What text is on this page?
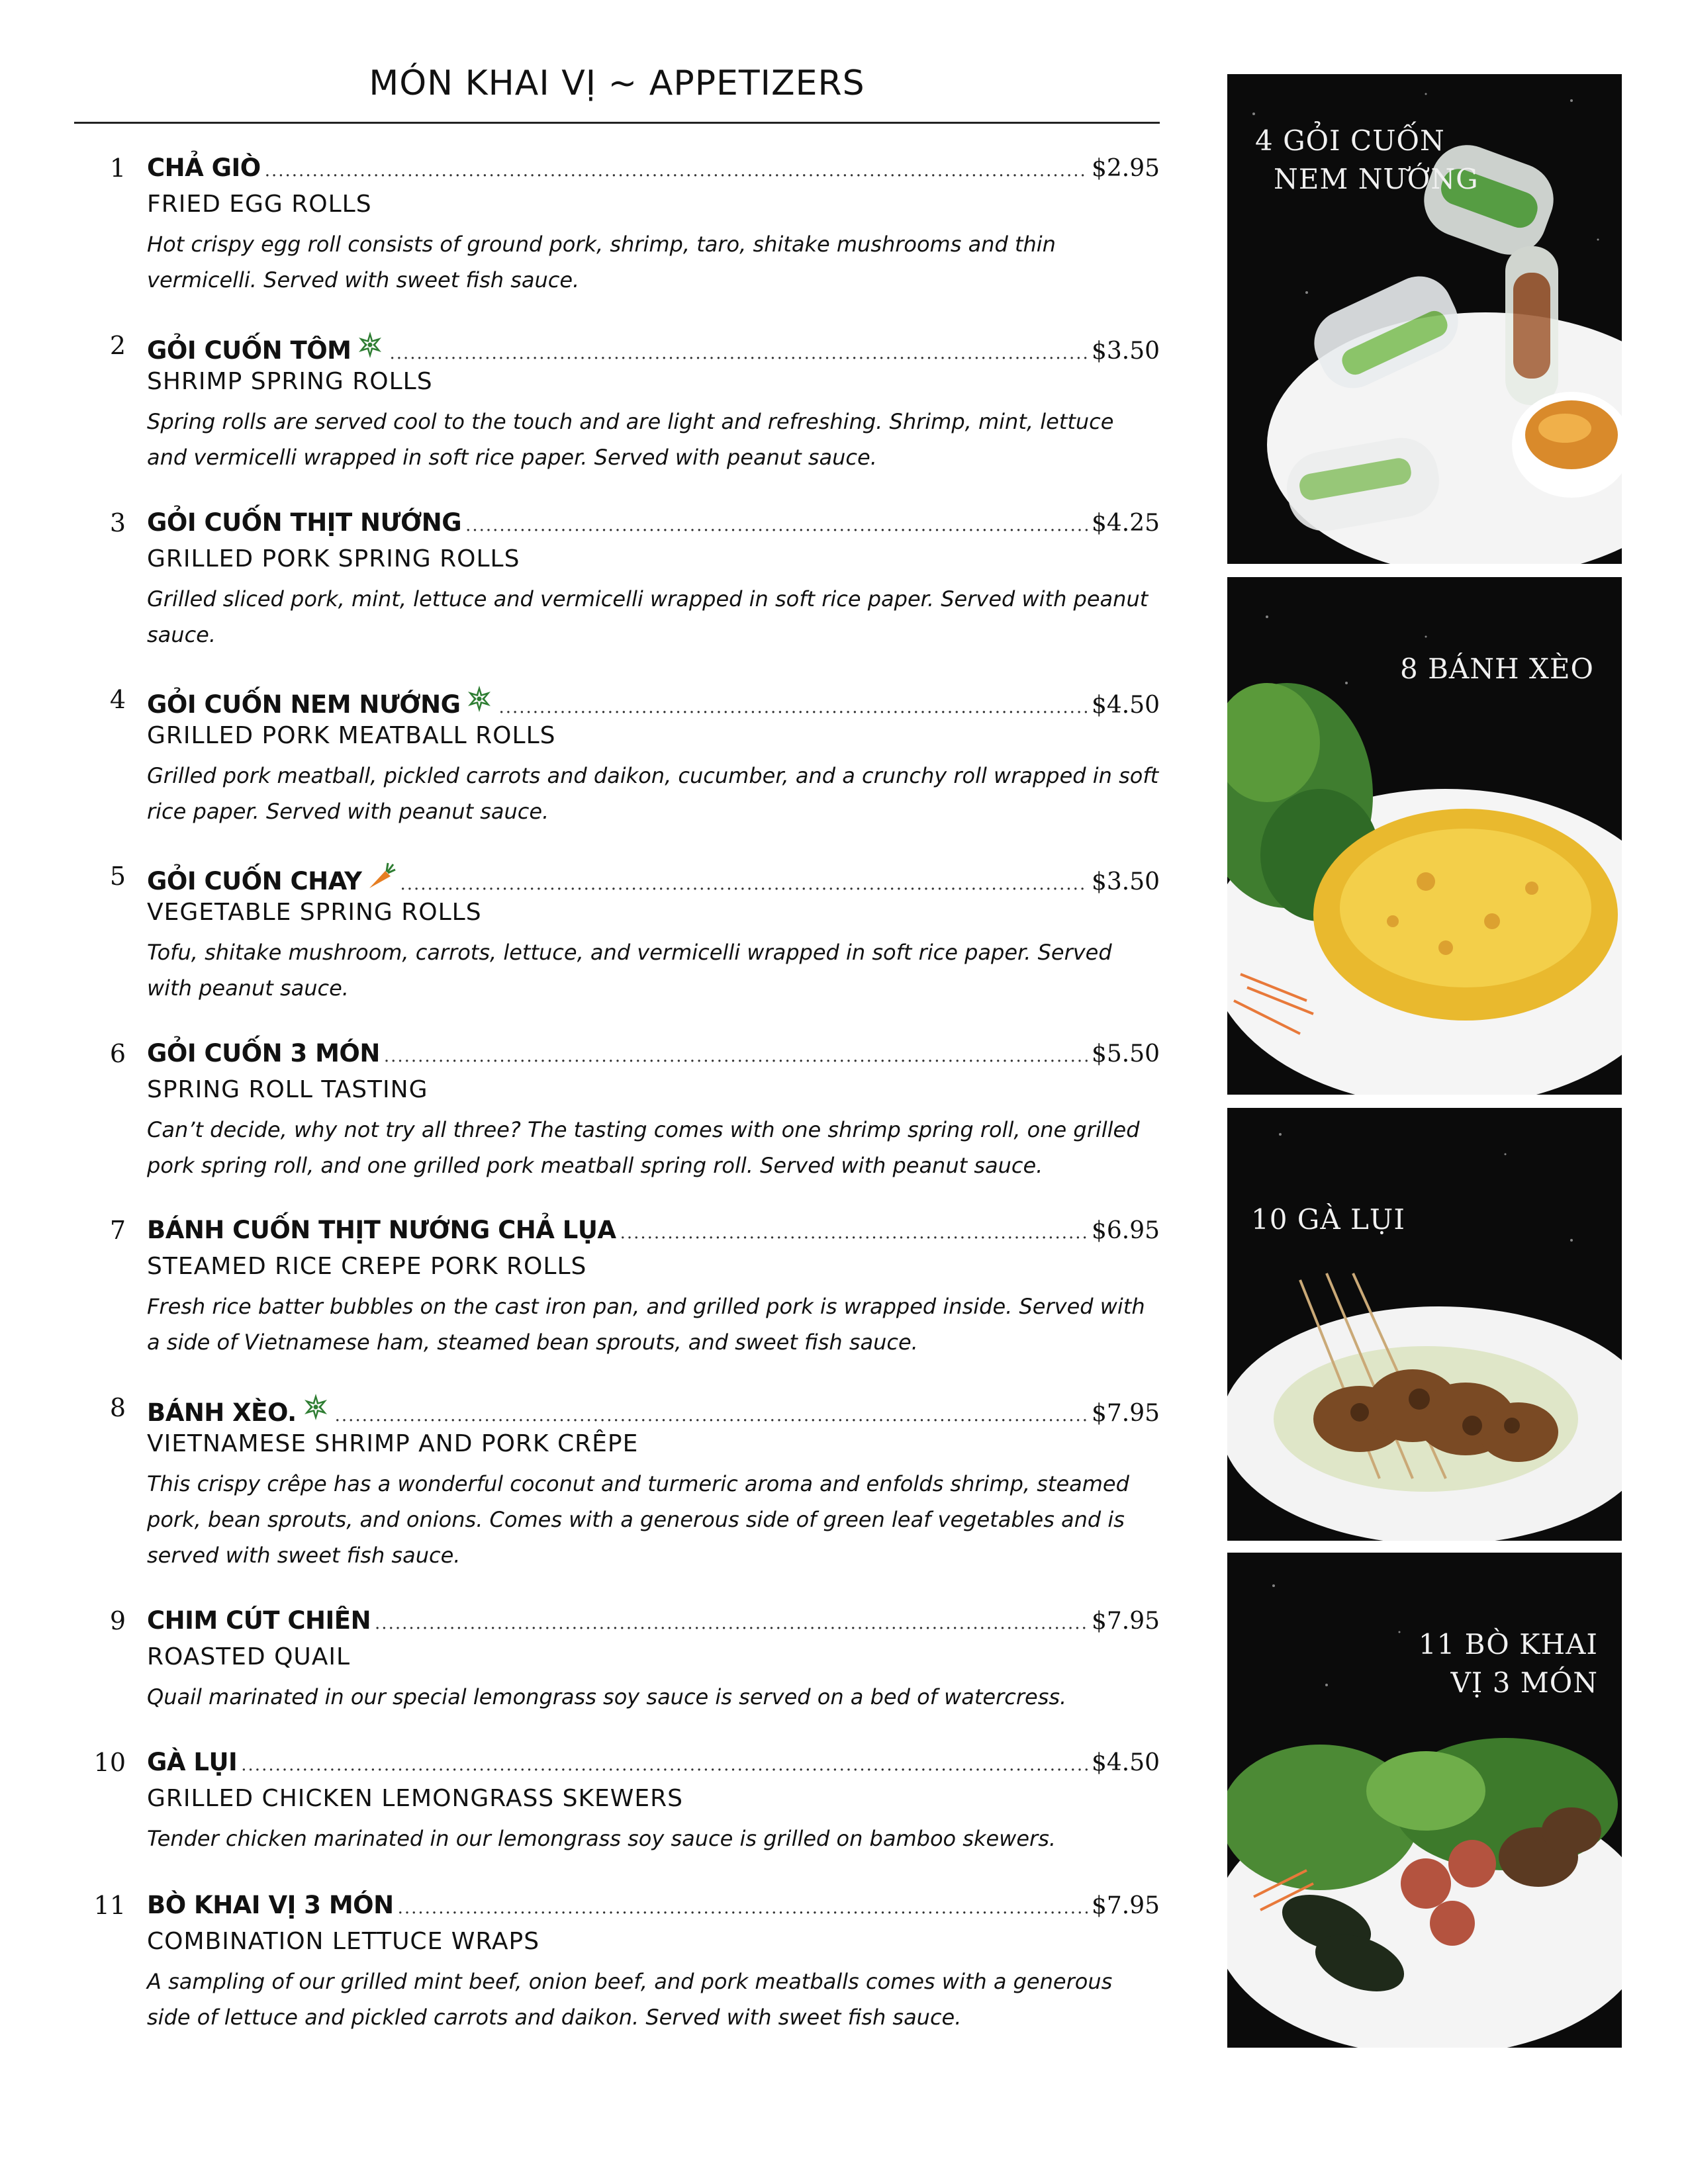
MÓN KHAI VỊ ~ APPETIZERS
1 CHẢ GIÒ .....	$2.95
FRIED EGG ROLLS
Hot crispy egg roll consists of ground pork, shrimp, taro, shitake mushrooms and thin vermicelli. Served with sweet fish sauce.
2 GỎI CUỐN TÔM .....	$3.50
SHRIMP SPRING ROLLS
Spring rolls are served cool to the touch and are light and refreshing. Shrimp, mint, lettuce and vermicelli wrapped in soft rice paper. Served with peanut sauce.
3 GỎI CUỐN THỊT NƯỚNG .....	$4.25
GRILLED PORK SPRING ROLLS
Grilled sliced pork, mint, lettuce and vermicelli wrapped in soft rice paper. Served with peanut sauce.
4 GỎI CUỐN NEM NƯỚNG .....	$4.50
GRILLED PORK MEATBALL ROLLS
Grilled pork meatball, pickled carrots and daikon, cucumber, and a crunchy roll wrapped in soft rice paper. Served with peanut sauce.
5 GỎI CUỐN CHAY .....	$3.50
VEGETABLE SPRING ROLLS
Tofu, shitake mushroom, carrots, lettuce, and vermicelli wrapped in soft rice paper. Served with peanut sauce.
6 GỎI CUỐN 3 MÓN .....	$5.50
SPRING ROLL TASTING
Can’t decide, why not try all three? The tasting comes with one shrimp spring roll, one grilled pork spring roll, and one grilled pork meatball spring roll. Served with peanut sauce.
7 BÁNH CUỐN THỊT NƯỚNG CHẢ LỤA .....	$6.95
STEAMED RICE CREPE PORK ROLLS
Fresh rice batter bubbles on the cast iron pan, and grilled pork is wrapped inside. Served with a side of Vietnamese ham, steamed bean sprouts, and sweet fish sauce.
8 BÁNH XÈO. .....	$7.95
VIETNAMESE SHRIMP AND PORK CRÊPE
This crispy crêpe has a wonderful coconut and turmeric aroma and enfolds shrimp, steamed pork, bean sprouts, and onions. Comes with a generous side of green leaf vegetables and is served with sweet fish sauce.
9 CHIM CÚT CHIÊN .....	$7.95
ROASTED QUAIL
Quail marinated in our special lemongrass soy sauce is served on a bed of watercress.
10 GÀ LỤI .....	$4.50
GRILLED CHICKEN LEMONGRASS SKEWERS
Tender chicken marinated in our lemongrass soy sauce is grilled on bamboo skewers.
11 BÒ KHAI VỊ 3 MÓN .....	$7.95
COMBINATION LETTUCE WRAPS
A sampling of our grilled mint beef, onion beef, and pork meatballs comes with a generous side of lettuce and pickled carrots and daikon. Served with sweet fish sauce.
4 GỎI CUỐN
NEM NƯỚNG
8 BÁNH XÈO
10 GÀ LỤI
11 BÒ KHAI
VỊ 3 MÓN
